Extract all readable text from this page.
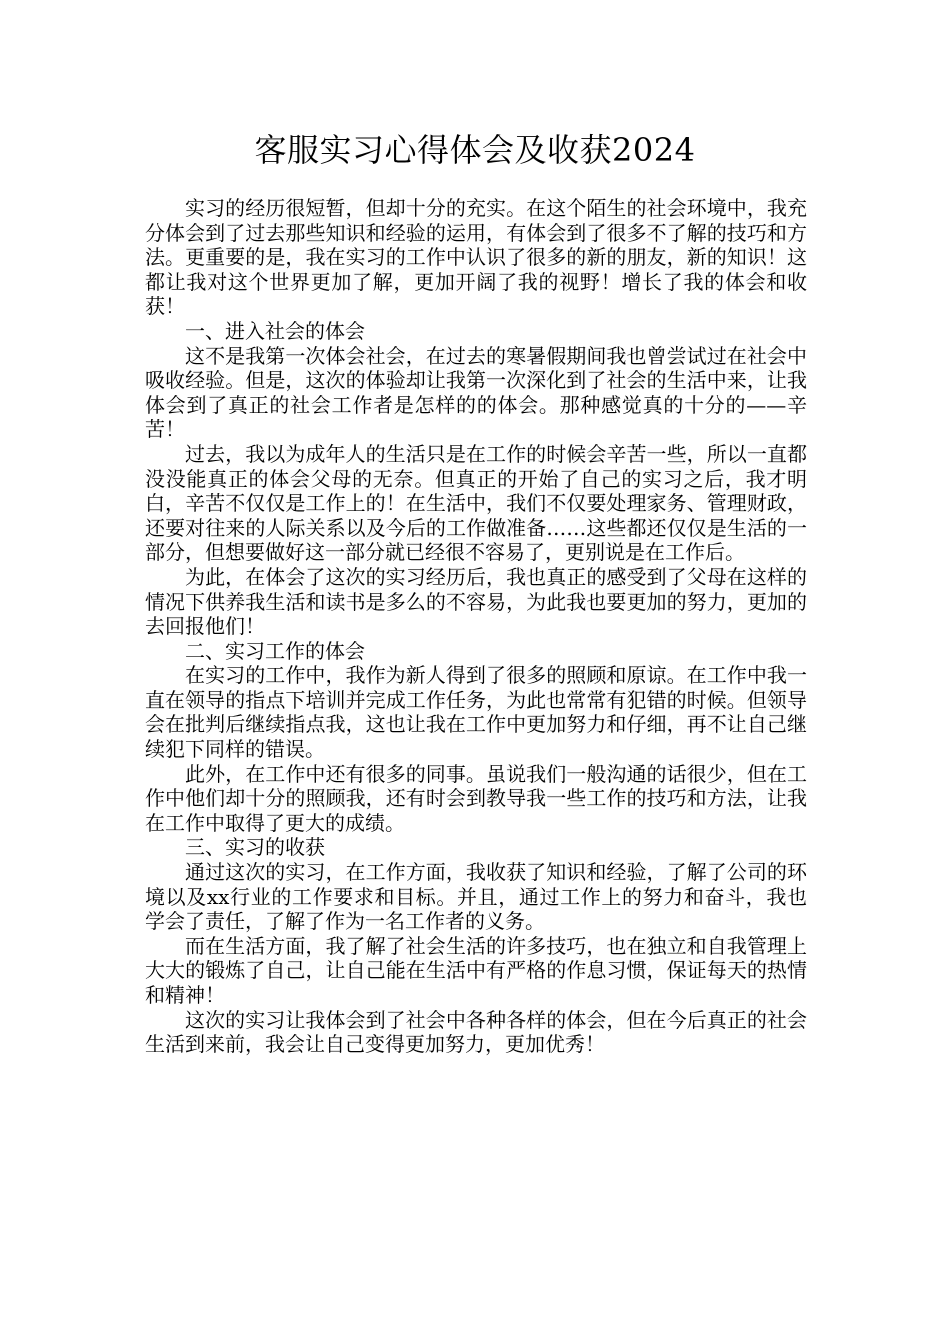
客服实习心得体会及收获2024

实习的经历很短暂，但却十分的充实。在这个陌生的社会环境中，我充分体会到了过去那些知识和经验的运用，有体会到了很多不了解的技巧和方法。更重要的是，我在实习的工作中认识了很多的新的朋友，新的知识！这都让我对这个世界更加了解，更加开阔了我的视野！增长了我的体会和收获！

一、进入社会的体会

这不是我第一次体会社会，在过去的寒暑假期间我也曾尝试过在社会中吸收经验。但是，这次的体验却让我第一次深化到了社会的生活中来，让我体会到了真正的社会工作者是怎样的的体会。那种感觉真的十分的——辛苦！

过去，我以为成年人的生活只是在工作的时候会辛苦一些，所以一直都没没能真正的体会父母的无奈。但真正的开始了自己的实习之后，我才明白，辛苦不仅仅是工作上的！在生活中，我们不仅要处理家务、管理财政，还要对往来的人际关系以及今后的工作做准备……这些都还仅仅是生活的一部分，但想要做好这一部分就已经很不容易了，更别说是在工作后。

为此，在体会了这次的实习经历后，我也真正的感受到了父母在这样的情况下供养我生活和读书是多么的不容易，为此我也要更加的努力，更加的去回报他们！

二、实习工作的体会

在实习的工作中，我作为新人得到了很多的照顾和原谅。在工作中我一直在领导的指点下培训并完成工作任务，为此也常常有犯错的时候。但领导会在批判后继续指点我，这也让我在工作中更加努力和仔细，再不让自己继续犯下同样的错误。

此外，在工作中还有很多的同事。虽说我们一般沟通的话很少，但在工作中他们却十分的照顾我，还有时会到教导我一些工作的技巧和方法，让我在工作中取得了更大的成绩。

三、实习的收获

通过这次的实习，在工作方面，我收获了知识和经验，了解了公司的环境以及xx行业的工作要求和目标。并且，通过工作上的努力和奋斗，我也学会了责任，了解了作为一名工作者的义务。

而在生活方面，我了解了社会生活的许多技巧，也在独立和自我管理上大大的锻炼了自己，让自己能在生活中有严格的作息习惯，保证每天的热情和精神！

这次的实习让我体会到了社会中各种各样的体会，但在今后真正的社会生活到来前，我会让自己变得更加努力，更加优秀！
